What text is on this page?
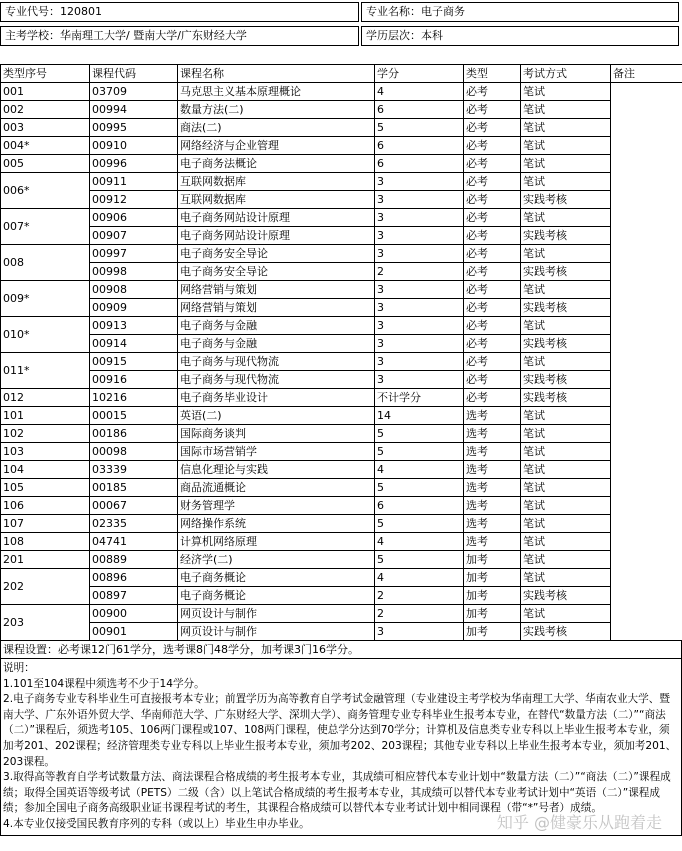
专业代号：120801	专业名称：电子商务
主考学校：华南理工大学/ 暨南大学/广东财经大学	学历层次：本科
类型序号	课程代码	课程名称	学分	类型	考试方式	备注
001	03709	马克思主义基本原理概论	4	必考	笔试	
002	00994	数量方法(二)	6	必考	笔试	
003	00995	商法(二)	5	必考	笔试	
004*	00910	网络经济与企业管理	6	必考	笔试	
005	00996	电子商务法概论	6	必考	笔试	
006*	00911	互联网数据库	3	必考	笔试	
	00912	互联网数据库	3	必考	实践考核	
007*	00906	电子商务网站设计原理	3	必考	笔试	
	00907	电子商务网站设计原理	3	必考	实践考核	
008	00997	电子商务安全导论	3	必考	笔试	
	00998	电子商务安全导论	2	必考	实践考核	
009*	00908	网络营销与策划	3	必考	笔试	
	00909	网络营销与策划	3	必考	实践考核	
010*	00913	电子商务与金融	3	必考	笔试	
	00914	电子商务与金融	3	必考	实践考核	
011*	00915	电子商务与现代物流	3	必考	笔试	
	00916	电子商务与现代物流	3	必考	实践考核	
012	10216	电子商务毕业设计	不计学分	必考	实践考核	
101	00015	英语(二)	14	选考	笔试	
102	00186	国际商务谈判	5	选考	笔试	
103	00098	国际市场营销学	5	选考	笔试	
104	03339	信息化理论与实践	4	选考	笔试	
105	00185	商品流通概论	5	选考	笔试	
106	00067	财务管理学	6	选考	笔试	
107	02335	网络操作系统	5	选考	笔试	
108	04741	计算机网络原理	4	选考	笔试	
201	00889	经济学(二)	5	加考	笔试	
202	00896	电子商务概论	4	加考	笔试	
	00897	电子商务概论	2	加考	实践考核	
203	00900	网页设计与制作	2	加考	笔试	
	00901	网页设计与制作	3	加考	实践考核	
课程设置：必考课12门61学分，选考课8门48学分，加考课3门16学分。

说明：

1.101至104课程中须选考不少于14学分。

2.电子商务专业专科毕业生可直接报考本专业；前置学历为高等教育自学考试金融管理（专业建设主考学校为华南理工大学、华南农业大学、暨南大学、广东外语外贸大学、华南师范大学、广东财经大学、深圳大学）、商务管理专业专科毕业生报考本专业，在替代“数量方法（二）”“商法（二）”课程后，须选考105、106两门课程或107、108两门课程，使总学分达到70学分；计算机及信息类专业专科以上毕业生报考本专业，须加考201、202课程；经济管理类专业专科以上毕业生报考本专业，须加考202、203课程；其他专业专科以上毕业生报考本专业，须加考201、203课程。

3.取得高等教育自学考试数量方法、商法课程合格成绩的考生报考本专业，其成绩可相应替代本专业计划中“数量方法（二）”“商法（二）”课程成绩；取得全国英语等级考试（PETS）二级（含）以上笔试合格成绩的考生报考本专业，其成绩可以替代本专业考试计划中“英语（二）”课程成绩；参加全国电子商务高级职业证书课程考试的考生，其课程合格成绩可以替代本专业考试计划中相同课程（带“*”号者）成绩。

4.本专业仅接受国民教育序列的专科（或以上）毕业生申办毕业。	知乎 @健豪乐从跑着走
